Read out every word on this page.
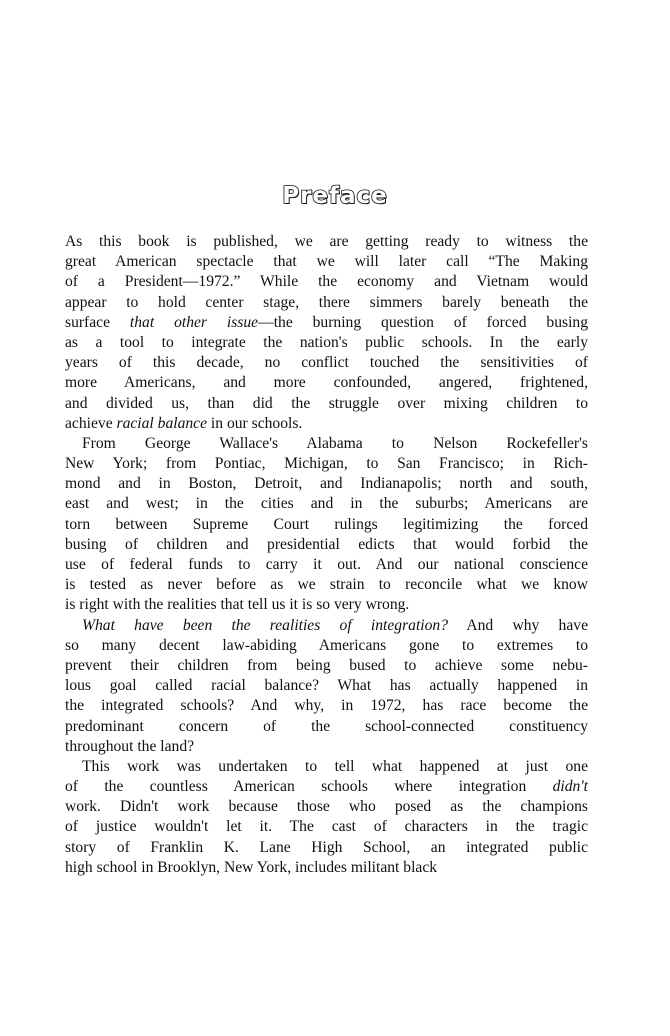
Preface
As this book is published, we are getting ready to witness the
great American spectacle that we will later call “The Making
of a President—1972.” While the economy and Vietnam would
appear to hold center stage, there simmers barely beneath the
surface that other issue—the burning question of forced busing
as a tool to integrate the nation's public schools. In the early
years of this decade, no conflict touched the sensitivities of
more Americans, and more confounded, angered, frightened,
and divided us, than did the struggle over mixing children to
achieve racial balance in our schools.
From George Wallace's Alabama to Nelson Rockefeller's
New York; from Pontiac, Michigan, to San Francisco; in Rich-
mond and in Boston, Detroit, and Indianapolis; north and south,
east and west; in the cities and in the suburbs; Americans are
torn between Supreme Court rulings legitimizing the forced
busing of children and presidential edicts that would forbid the
use of federal funds to carry it out. And our national conscience
is tested as never before as we strain to reconcile what we know
is right with the realities that tell us it is so very wrong.
What have been the realities of integration? And why have
so many decent law-abiding Americans gone to extremes to
prevent their children from being bused to achieve some nebu-
lous goal called racial balance? What has actually happened in
the integrated schools? And why, in 1972, has race become the
predominant concern of the school-connected constituency
throughout the land?
This work was undertaken to tell what happened at just one
of the countless American schools where integration didn't
work. Didn't work because those who posed as the champions
of justice wouldn't let it. The cast of characters in the tragic
story of Franklin K. Lane High School, an integrated public
high school in Brooklyn, New York, includes militant black
